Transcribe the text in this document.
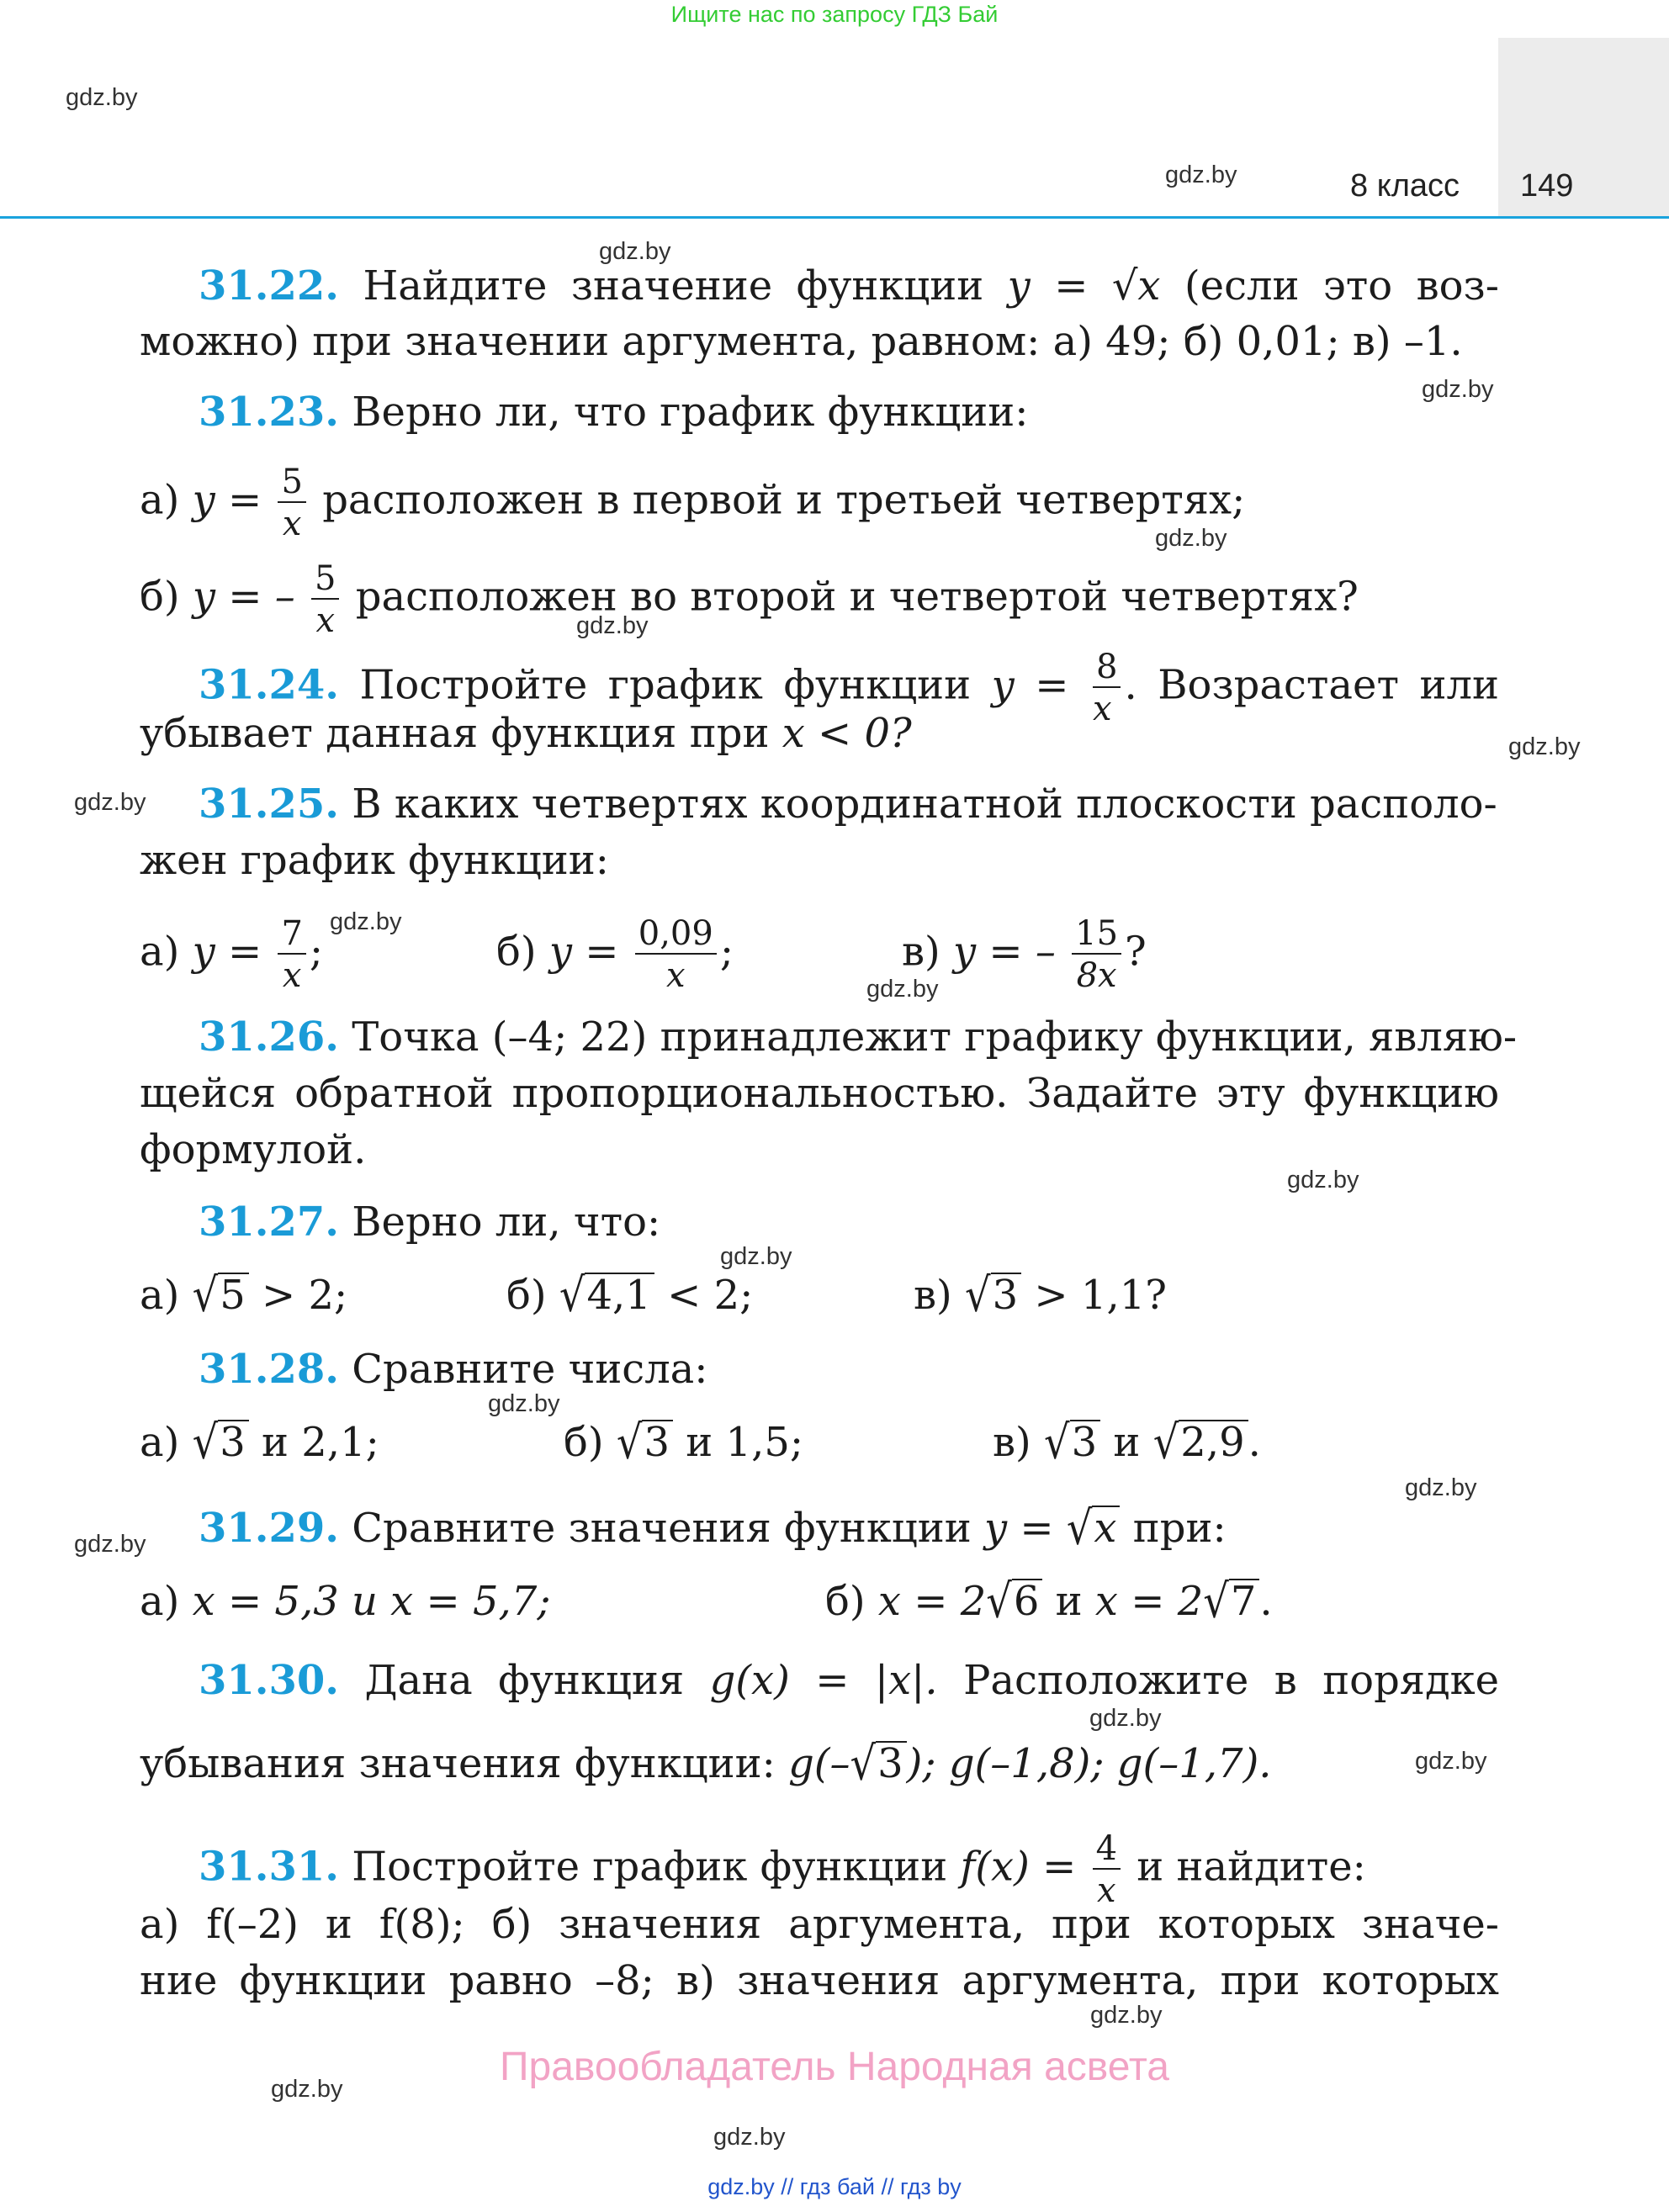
Ищите нас по запросу ГДЗ Бай
8 класс 149
gdz.by
gdz.by
gdz.by
gdz.by
gdz.by
gdz.by
gdz.by
gdz.by
gdz.by
gdz.by
gdz.by
gdz.by
gdz.by
gdz.by
gdz.by
gdz.by
gdz.by
gdz.by
gdz.by
gdz.by
31.22. Найдите значение функции y = √x (если это воз-
можно) при значении аргумента, равном: а) 49; б) 0,01; в) –1.
31.23. Верно ли, что график функции:
а) $y = \frac{5}{x}$ расположен в первой и третьей четвертях;
б) y = – $\frac{5}{x}$ расположен во второй и четвертой четвертях?
31.24. Постройте график функции $y = \frac{8}{x}$ . Возрастает или
убывает данная функция при x < 0?
31.25. В каких четвертях координатной плоскости располо-
жен график функции:
а) $y = \frac{7}{x}$ ;	б) $y = \frac{0,09}{x}$ ;	в) y = – $\frac{15}{8x}$ ?
31.26. Точка (–4; 22) принадлежит графику функции, являю-
щейся обратной пропорциональностью. Задайте эту функцию
формулой.
31.27. Верно ли, что:
а) √5 > 2;	б) √4,1 < 2;	в) √3 > 1,1?
31.28. Сравните числа:
а) √3 и 2,1;	б) √3 и 1,5;	в) √3 и √2,9.
31.29. Сравните значения функции y = √x при:
а) x = 5,3 и x = 5,7;	б) x = 2√6 и x = 2√7.
31.30. Дана функция g(x) = |x|. Расположите в порядке
убывания значения функции: g(–√3); g(–1,8); g(–1,7).
31.31. Постройте график функции $f(x) = \frac{4}{x}$ и найдите:
а) f(–2) и f(8); б) значения аргумента, при которых значе-
ние функции равно –8; в) значения аргумента, при которых
Правообладатель Народная асвета
gdz.by // гдз бай // гдз by
